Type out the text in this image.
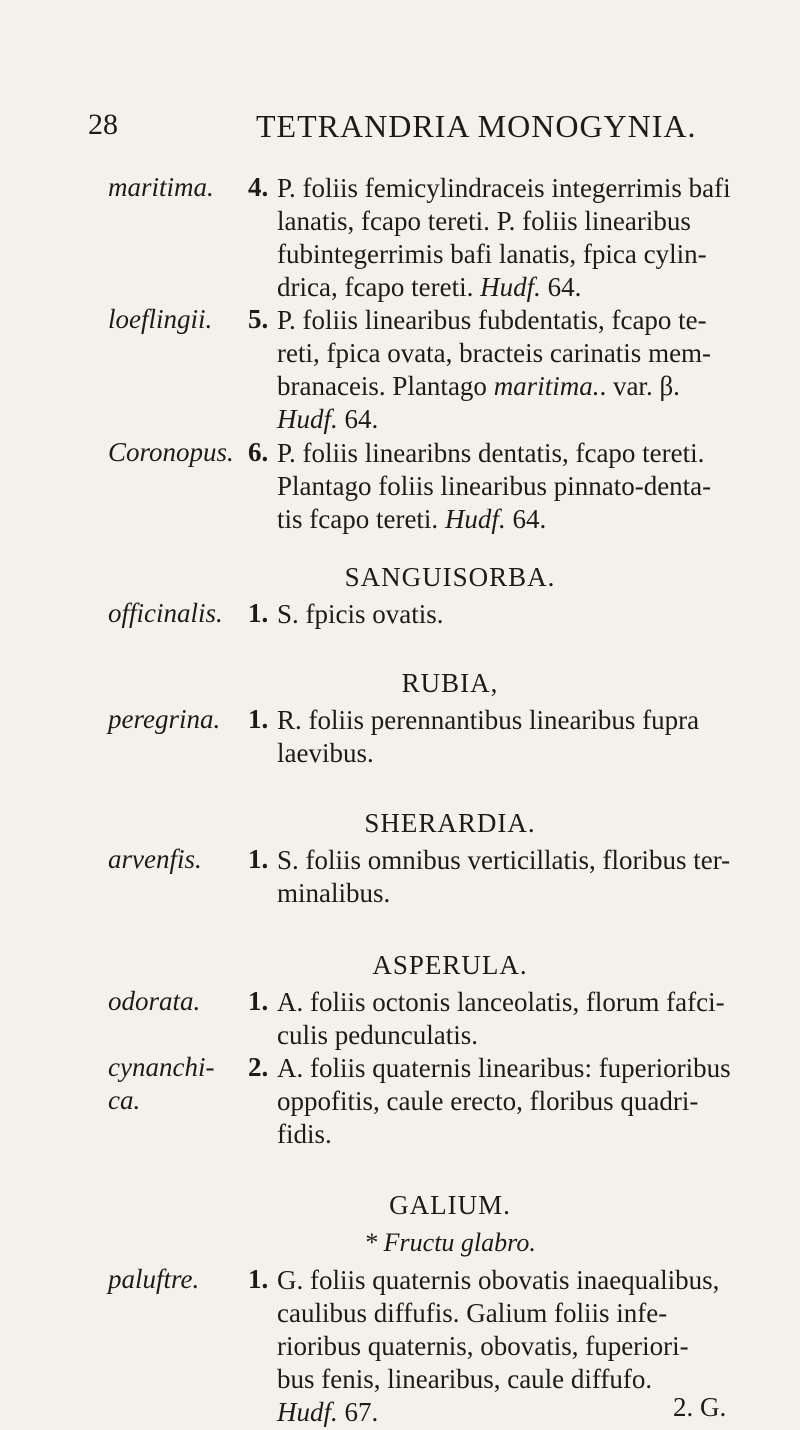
28	TETRANDRIA MONOGYNIA.
maritima. 4. P. foliis femicylindraceis integerrimis bafi
lanatis, fcapo tereti. P. foliis linearibus
fubintegerrimis bafi lanatis, fpica cylin-
drica, fcapo tereti. Hudf. 64.
loeflingii. 5. P. foliis linearibus fubdentatis, fcapo te-
reti, fpica ovata, bracteis carinatis mem-
branaceis. Plantago maritima.. var. β.
Hudf. 64.
Coronopus. 6. P. foliis linearibns dentatis, fcapo tereti.
Plantago foliis linearibus pinnato-denta-
tis fcapo tereti. Hudf. 64.
SANGUISORBA.
officinalis. 1. S. fpicis ovatis.
RUBIA,
peregrina. 1. R. foliis perennantibus linearibus fupra
laevibus.
SHERARDIA.
arvenfis. 1. S. foliis omnibus verticillatis, floribus ter-
minalibus.
ASPERULA.
odorata. 1. A. foliis octonis lanceolatis, florum fafci-
culis pedunculatis.
cynanchi-
ca.
2. A. foliis quaternis linearibus: fuperioribus
oppofitis, caule erecto, floribus quadri-
fidis.
GALIUM.
* Fructu glabro.
paluftre. 1. G. foliis quaternis obovatis inaequalibus,
caulibus diffufis. Galium foliis infe-
rioribus quaternis, obovatis, fuperiori-
bus fenis, linearibus, caule diffufo.
Hudf. 67.	2. G.
